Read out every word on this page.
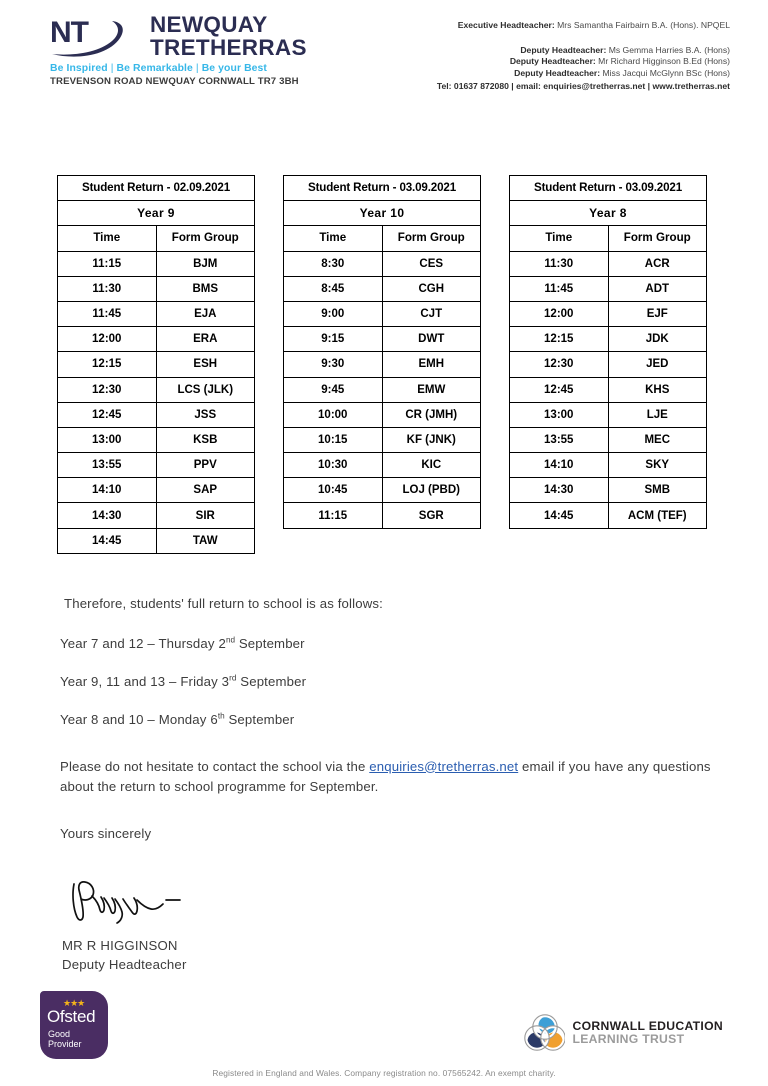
NT	NEWQUAY
TRETHERRAS
Be Inspired | Be Remarkable | Be your Best
TREVENSON ROAD NEWQUAY CORNWALL TR7 3BH
Executive Headteacher: Mrs Samantha Fairbairn B.A. (Hons). NPQEL
Deputy Headteacher: Ms Gemma Harries B.A. (Hons)
Deputy Headteacher: Mr Richard Higginson B.Ed (Hons)
Deputy Headteacher: Miss Jacqui McGlynn BSc (Hons)
Tel: 01637 872080 | email: enquiries@tretherras.net | www.tretherras.net
Student Return - 02.09.2021	
Year 9	
Time	Form Group
11:15	BJM
11:30	BMS
11:45	EJA
12:00	ERA
12:15	ESH
12:30	LCS (JLK)
12:45	JSS
13:00	KSB
13:55	PPV
14:10	SAP
14:30	SIR
14:45	TAW
Student Return - 03.09.2021	
Year 10	
Time	Form Group
8:30	CES
8:45	CGH
9:00	CJT
9:15	DWT
9:30	EMH
9:45	EMW
10:00	CR (JMH)
10:15	KF (JNK)
10:30	KIC
10:45	LOJ (PBD)
11:15	SGR
Student Return - 03.09.2021	
Year 8	
Time	Form Group
11:30	ACR
11:45	ADT
12:00	EJF
12:15	JDK
12:30	JED
12:45	KHS
13:00	LJE
13:55	MEC
14:10	SKY
14:30	SMB
14:45	ACM (TEF)

Therefore, students' full return to school is as follows:

Year 7 and 12 – Thursday 2nd September

Year 9, 11 and 13 – Friday 3rd September

Year 8 and 10 – Monday 6th September

Please do not hesitate to contact the school via the enquiries@tretherras.net email if you have any questions about the return to school programme for September.

Yours sincerely

MR R HIGGINSON
Deputy Headteacher
★★★
Ofsted
Good
Provider
CORNWALL EDUCATION
LEARNING TRUST
Registered in England and Wales. Company registration no. 07565242. An exempt charity.
